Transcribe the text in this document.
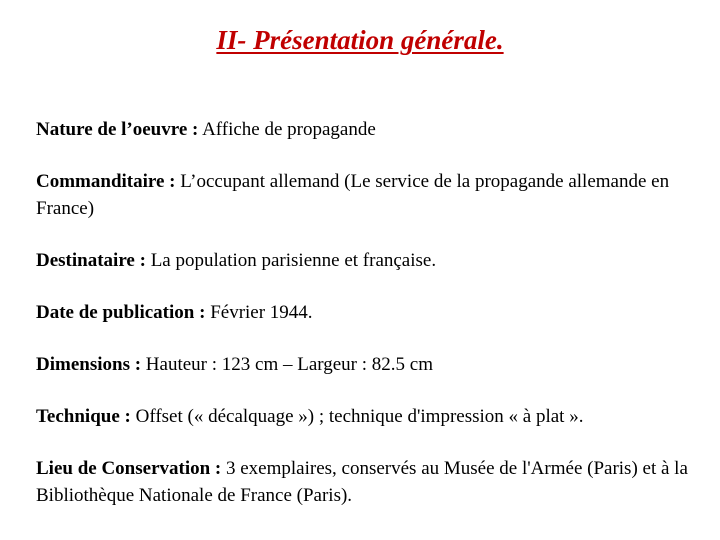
II- Présentation générale.
Nature de l’oeuvre : Affiche de propagande
Commanditaire : L’occupant allemand (Le service de la propagande allemande en France)
Destinataire : La population parisienne et française.
Date de publication : Février 1944.
Dimensions : Hauteur : 123 cm – Largeur : 82.5 cm
Technique : Offset (« décalquage ») ; technique d'impression « à plat ».
Lieu de Conservation : 3 exemplaires, conservés au Musée de l'Armée (Paris) et à la Bibliothèque Nationale de France (Paris).
